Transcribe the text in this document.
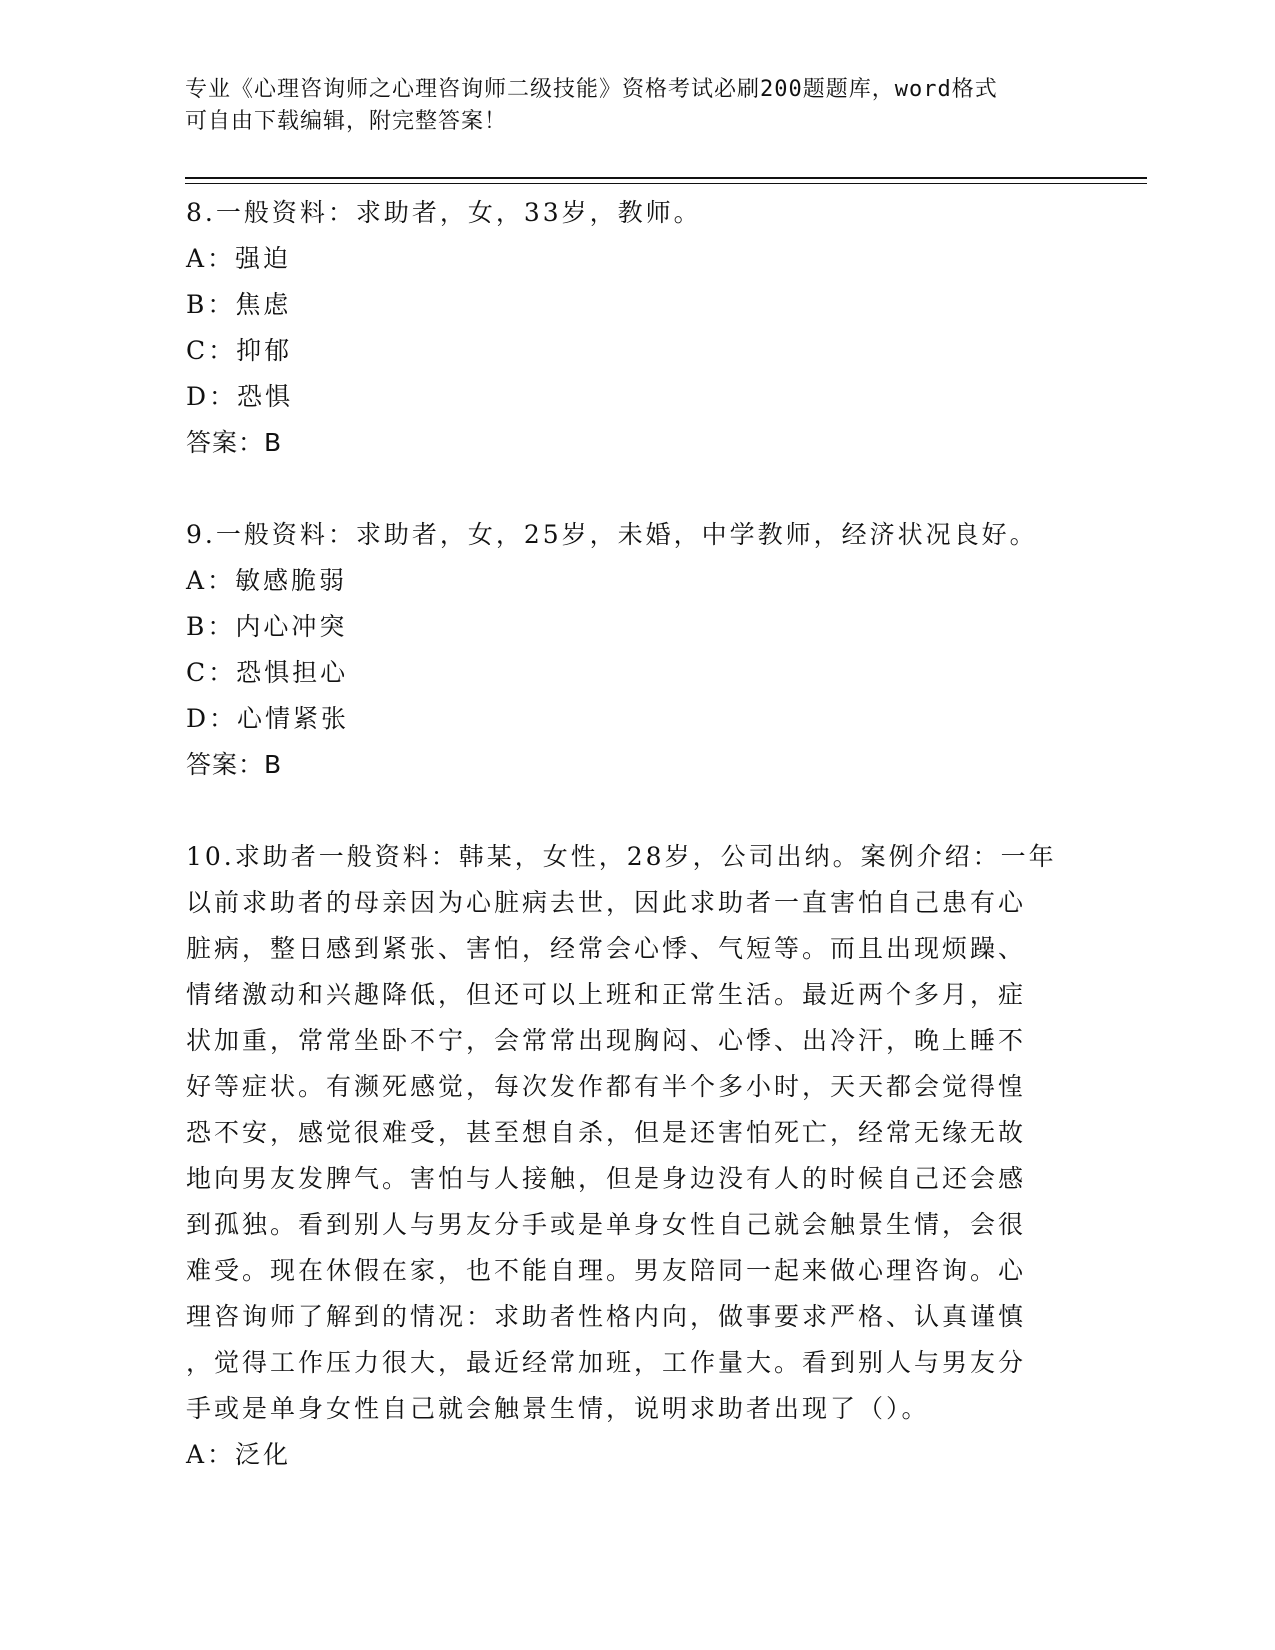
专业《心理咨询师之心理咨询师二级技能》资格考试必刷200题题库，word格式
可自由下载编辑，附完整答案！
8.一般资料：求助者，女，33岁，教师。
A：强迫
B：焦虑
C：抑郁
D：恐惧
答案：B
9.一般资料：求助者，女，25岁，未婚，中学教师，经济状况良好。
A：敏感脆弱
B：内心冲突
C：恐惧担心
D：心情紧张
答案：B
10.求助者一般资料：韩某，女性，28岁，公司出纳。案例介绍：一年
以前求助者的母亲因为心脏病去世，因此求助者一直害怕自己患有心
脏病，整日感到紧张、害怕，经常会心悸、气短等。而且出现烦躁、
情绪激动和兴趣降低，但还可以上班和正常生活。最近两个多月，症
状加重，常常坐卧不宁，会常常出现胸闷、心悸、出冷汗，晚上睡不
好等症状。有濒死感觉，每次发作都有半个多小时，天天都会觉得惶
恐不安，感觉很难受，甚至想自杀，但是还害怕死亡，经常无缘无故
地向男友发脾气。害怕与人接触，但是身边没有人的时候自己还会感
到孤独。看到别人与男友分手或是单身女性自己就会触景生情，会很
难受。现在休假在家，也不能自理。男友陪同一起来做心理咨询。心
理咨询师了解到的情况：求助者性格内向，做事要求严格、认真谨慎
，觉得工作压力很大，最近经常加班，工作量大。看到别人与男友分
手或是单身女性自己就会触景生情，说明求助者出现了（）。
A：泛化
